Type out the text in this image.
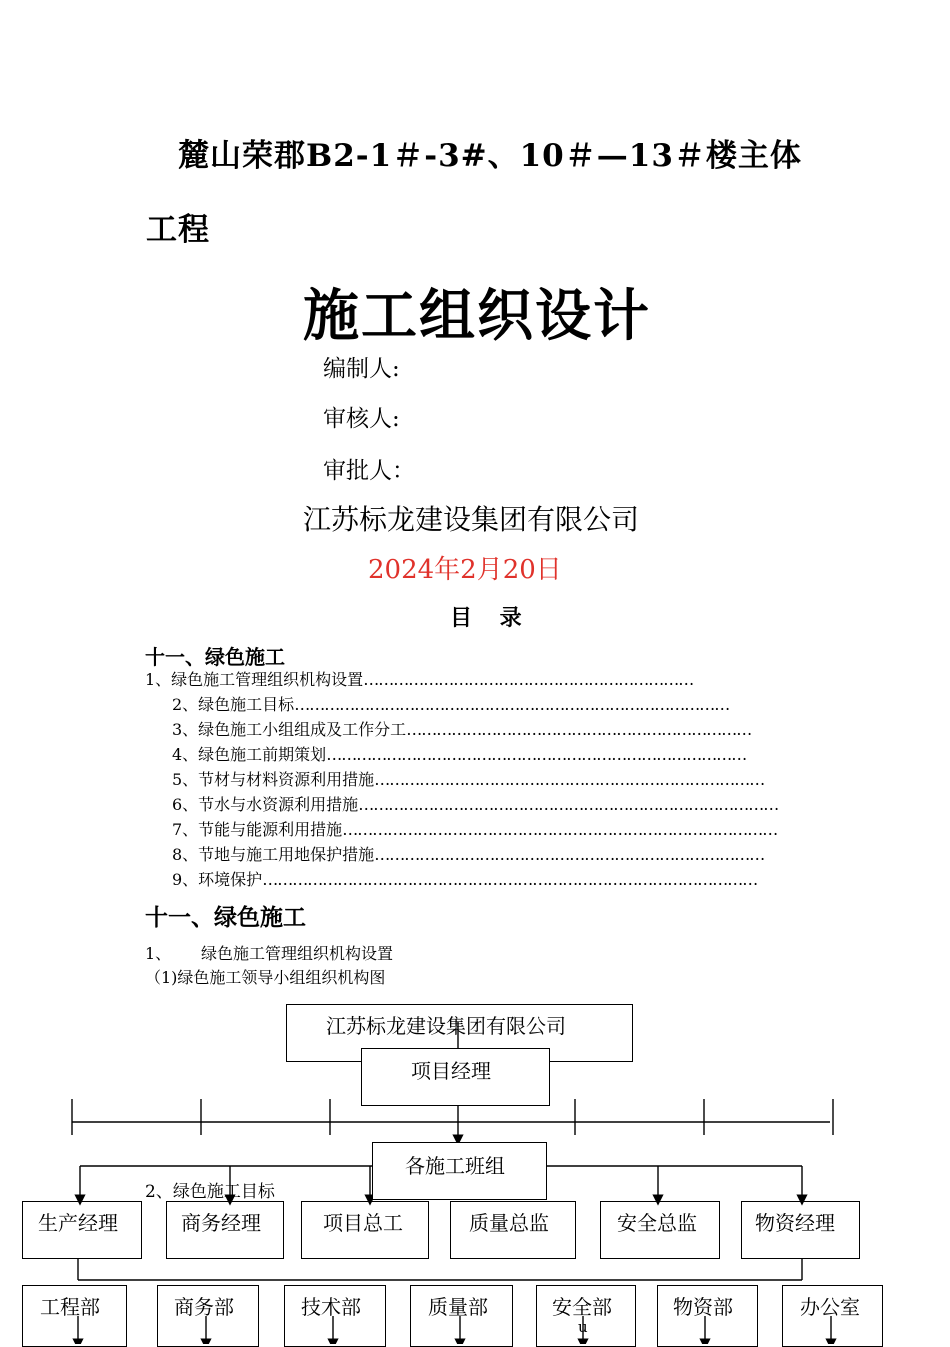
麓山荣郡B2-1＃-3#、10＃—13＃楼主体
工程
施工组织设计
编制人:
审核人:
审批人：
江苏标龙建设集团有限公司
2024年2月20日
目 录
十一、绿色施工
1、绿色施工管理组织机构设置…………………………………………………………
2、绿色施工目标……………………………………………………………………………
3、绿色施工小组组成及工作分工……………………………………………………………
4、绿色施工前期策划…………………………………………………………………………
5、节材与材料资源利用措施……………………………………………………………………
6、节水与水资源利用措施…………………………………………………………………………
7、节能与能源利用措施……………………………………………………………………………
8、节地与施工用地保护措施……………………………………………………………………
9、环境保护………………………………………………………………………………………
十一、绿色施工
1、 绿色施工管理组织机构设置
（1)绿色施工领导小组组织机构图
江苏标龙建设集团有限公司
项目经理
各施工班组
2、绿色施工目标
生产经理	商务经理	项目总工	质量总监	安全总监	物资经理
工程部	商务部	技术部	质量部	安全部
u
物资部	办公室
